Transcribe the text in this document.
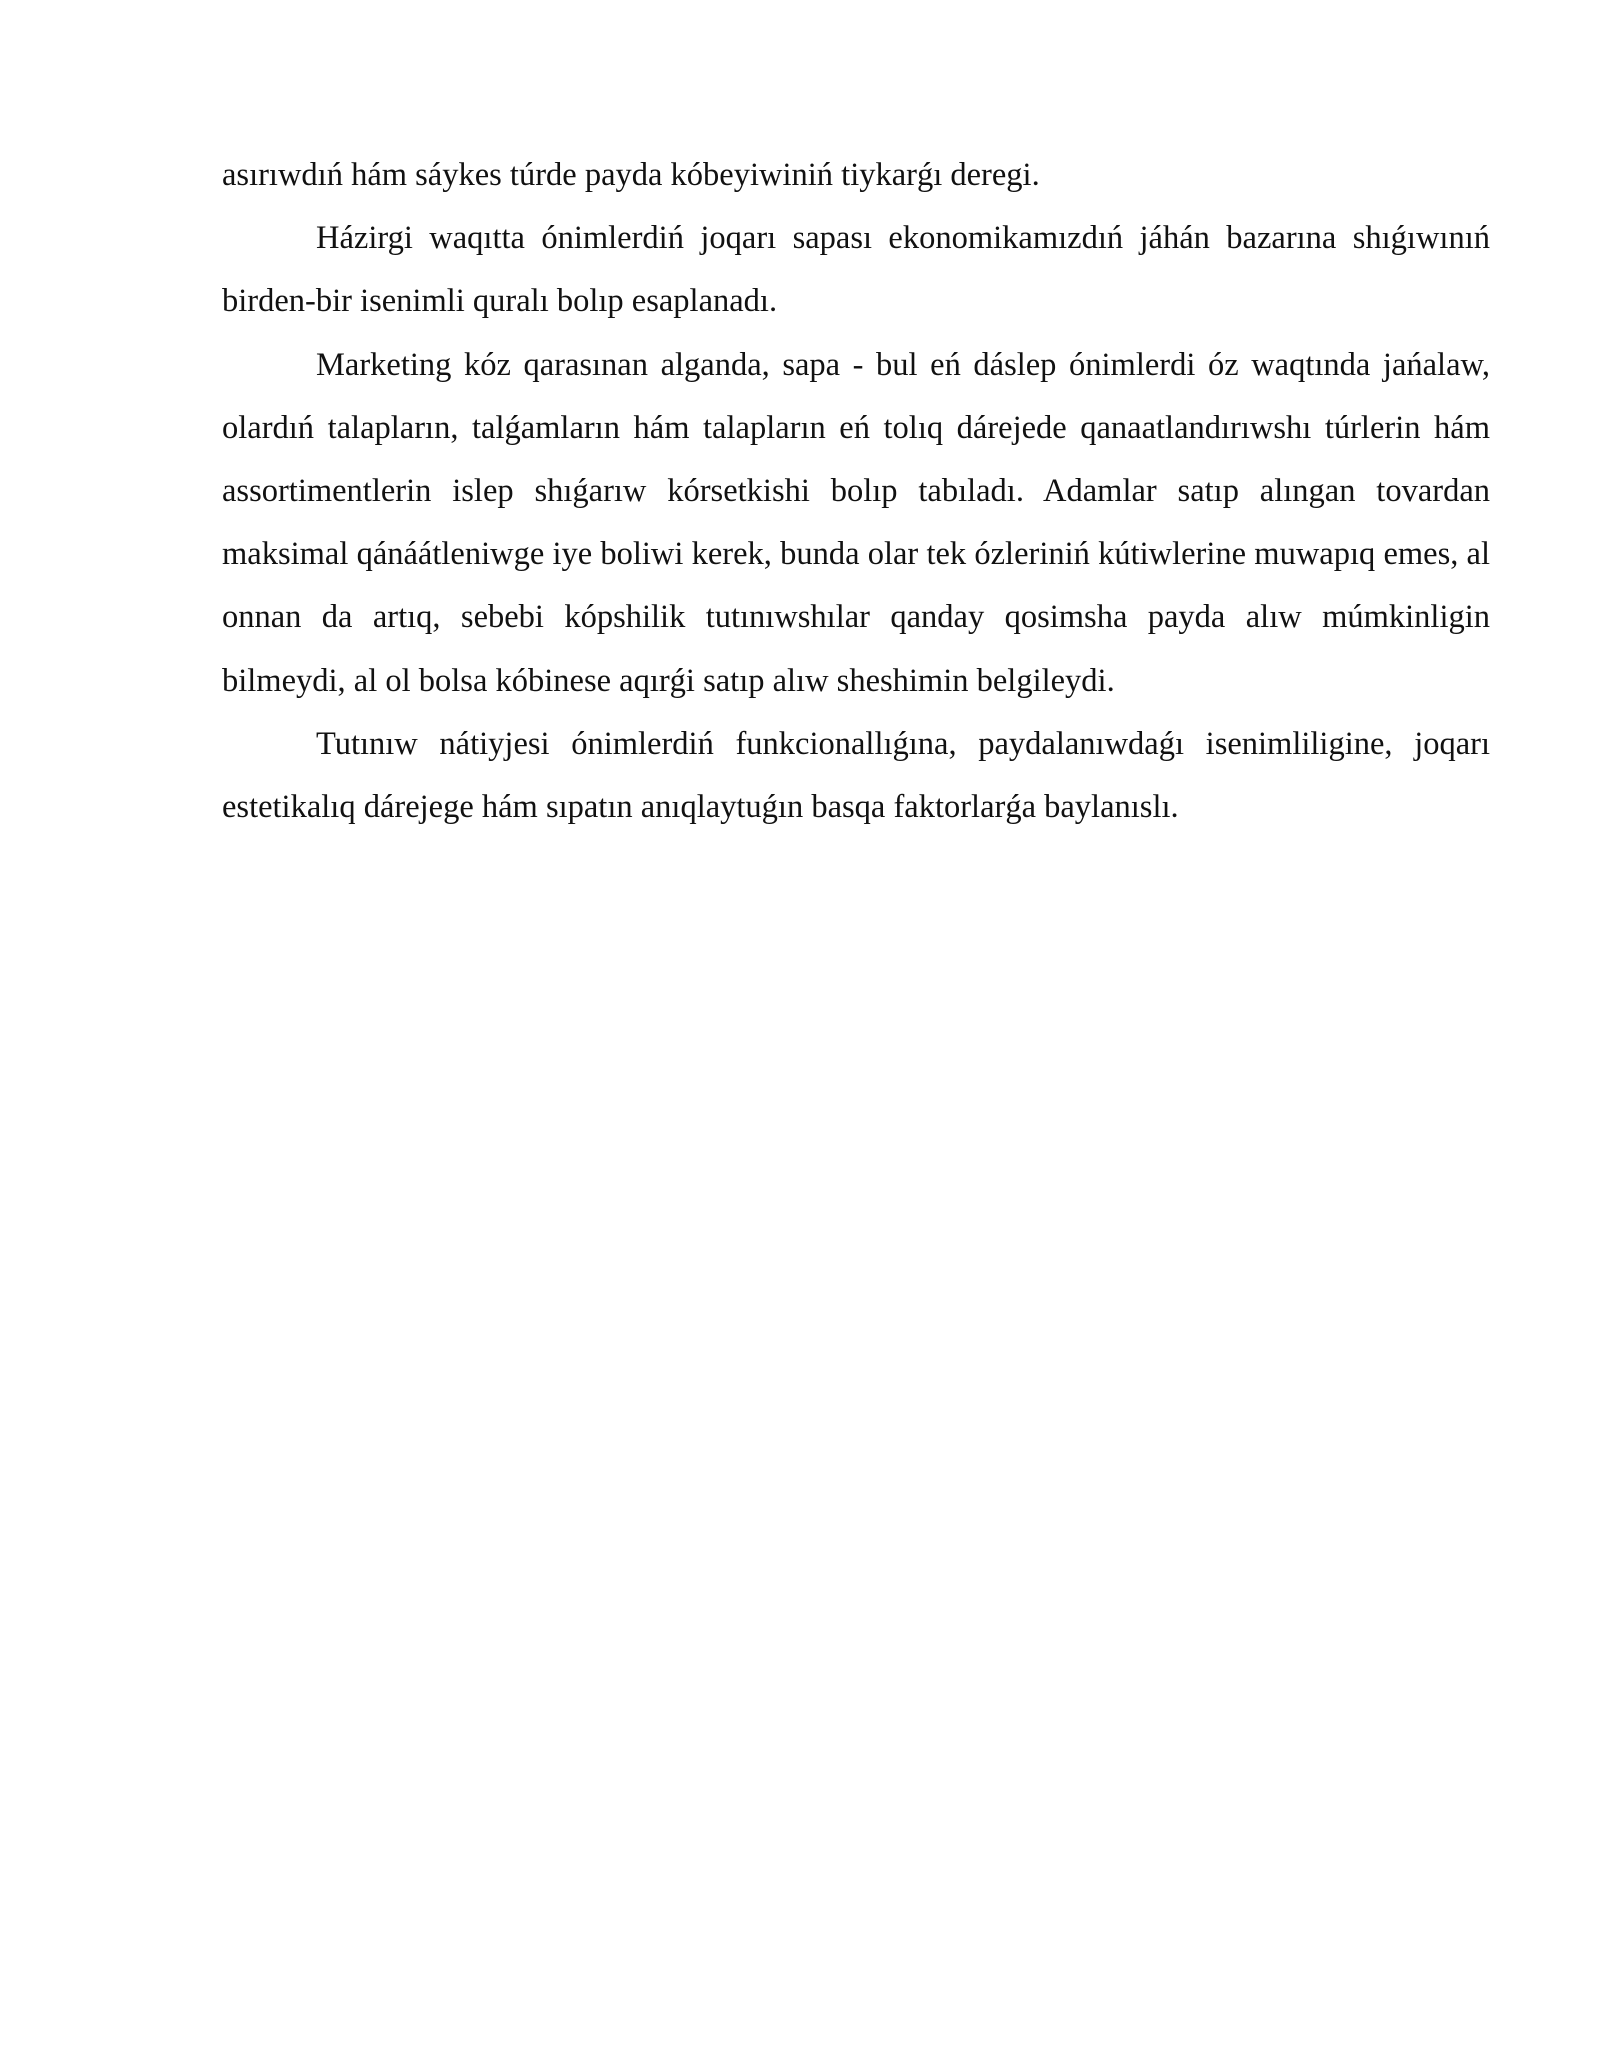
asırıwdıń hám sáykes túrde payda kóbeyiwiniń tiykarǵı deregi.

Házirgi waqıtta ónimlerdiń joqarı sapası ekonomikamızdıń jáhán bazarına shıǵıwınıń birden-bir isenimli quralı bolıp esaplanadı.

Marketing kóz qarasınan alganda, sapa - bul eń dáslep ónimlerdi óz waqtında jańalaw, olardıń talapların, talǵamların hám talapların eń tolıq dárejede qanaatlandırıwshı túrlerin hám assortimentlerin islep shıǵarıw kórsetkishi bolıp tabıladı. Adamlar satıp alıngan tovardan maksimal qánáátleniwge iye boliwi kerek, bunda olar tek ózleriniń kútiwlerine muwapıq emes, al onnan da artıq, sebebi kópshilik tutınıwshılar qanday qosimsha payda alıw múmkinligin bilmeydi, al ol bolsa kóbinese aqırǵi satıp alıw sheshimin belgileydi.

Tutınıw nátiyjesi ónimlerdiń funkcionallıǵına, paydalanıwdaǵı isenimliligine, joqarı estetikalıq dárejege hám sıpatın anıqlaytuǵın basqa faktorlarǵa baylanıslı.
